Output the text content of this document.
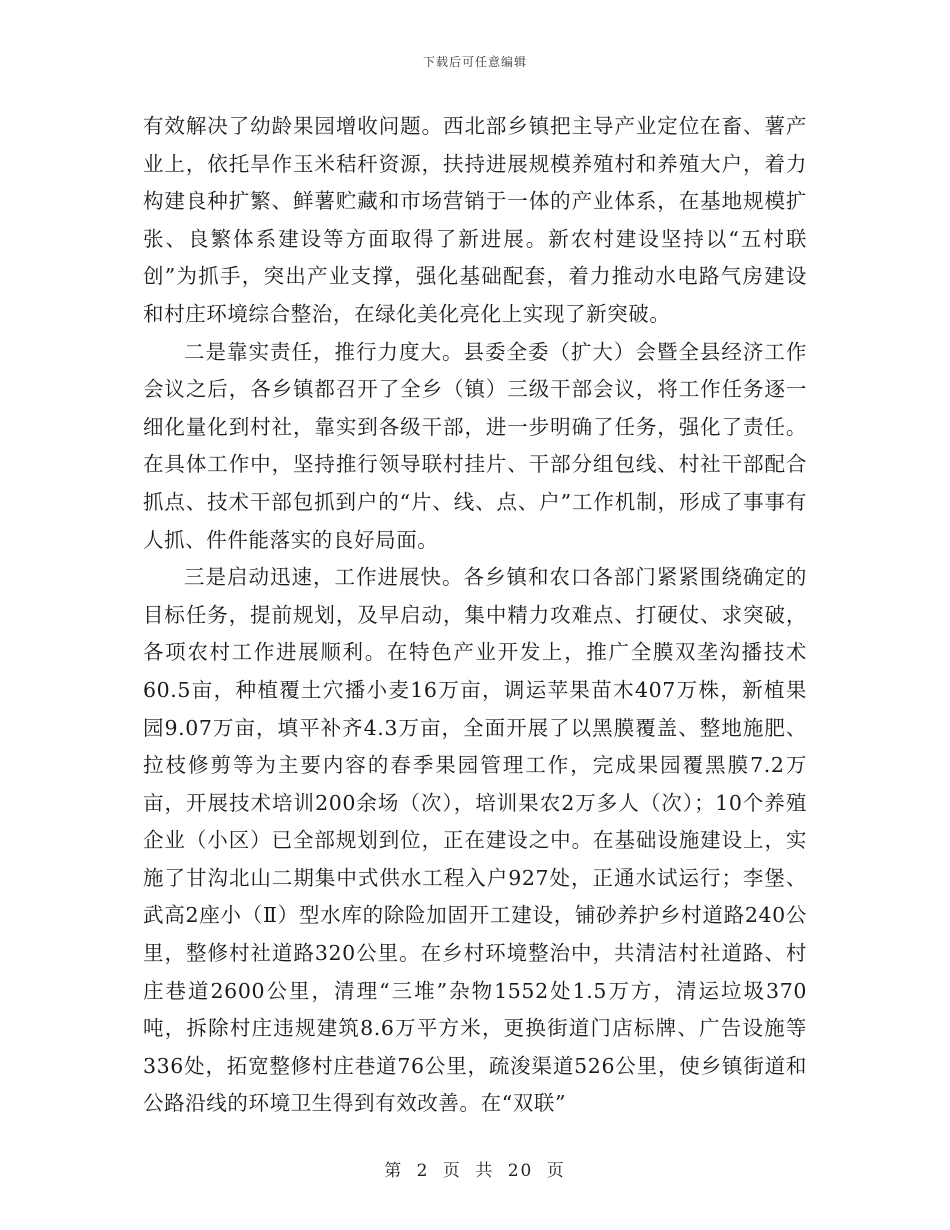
下载后可任意编辑

有效解决了幼龄果园增收问题。西北部乡镇把主导产业定位在畜、薯产业上，依托旱作玉米秸秆资源，扶持进展规模养殖村和养殖大户，着力构建良种扩繁、鲜薯贮藏和市场营销于一体的产业体系，在基地规模扩张、良繁体系建设等方面取得了新进展。新农村建设坚持以“五村联创”为抓手，突出产业支撑，强化基础配套，着力推动水电路气房建设和村庄环境综合整治，在绿化美化亮化上实现了新突破。

二是靠实责任，推行力度大。县委全委（扩大）会暨全县经济工作会议之后，各乡镇都召开了全乡（镇）三级干部会议，将工作任务逐一细化量化到村社，靠实到各级干部，进一步明确了任务，强化了责任。在具体工作中，坚持推行领导联村挂片、干部分组包线、村社干部配合抓点、技术干部包抓到户的“片、线、点、户”工作机制，形成了事事有人抓、件件能落实的良好局面。

三是启动迅速，工作进展快。各乡镇和农口各部门紧紧围绕确定的目标任务，提前规划，及早启动，集中精力攻难点、打硬仗、求突破，各项农村工作进展顺利。在特色产业开发上，推广全膜双垄沟播技术60.5亩，种植覆土穴播小麦16万亩，调运苹果苗木407万株，新植果园9.07万亩，填平补齐4.3万亩，全面开展了以黑膜覆盖、整地施肥、拉枝修剪等为主要内容的春季果园管理工作，完成果园覆黑膜7.2万亩，开展技术培训200余场（次），培训果农2万多人（次）；10个养殖企业（小区）已全部规划到位，正在建设之中。在基础设施建设上，实施了甘沟北山二期集中式供水工程入户927处，正通水试运行；李堡、武高2座小（Ⅱ）型水库的除险加固开工建设，铺砂养护乡村道路240公里，整修村社道路320公里。在乡村环境整治中，共清洁村社道路、村庄巷道2600公里，清理“三堆”杂物1552处1.5万方，清运垃圾370吨，拆除村庄违规建筑8.6万平方米，更换街道门店标牌、广告设施等336处，拓宽整修村庄巷道76公里，疏浚渠道526公里，使乡镇街道和公路沿线的环境卫生得到有效改善。在“双联”

第 2 页 共 20 页
